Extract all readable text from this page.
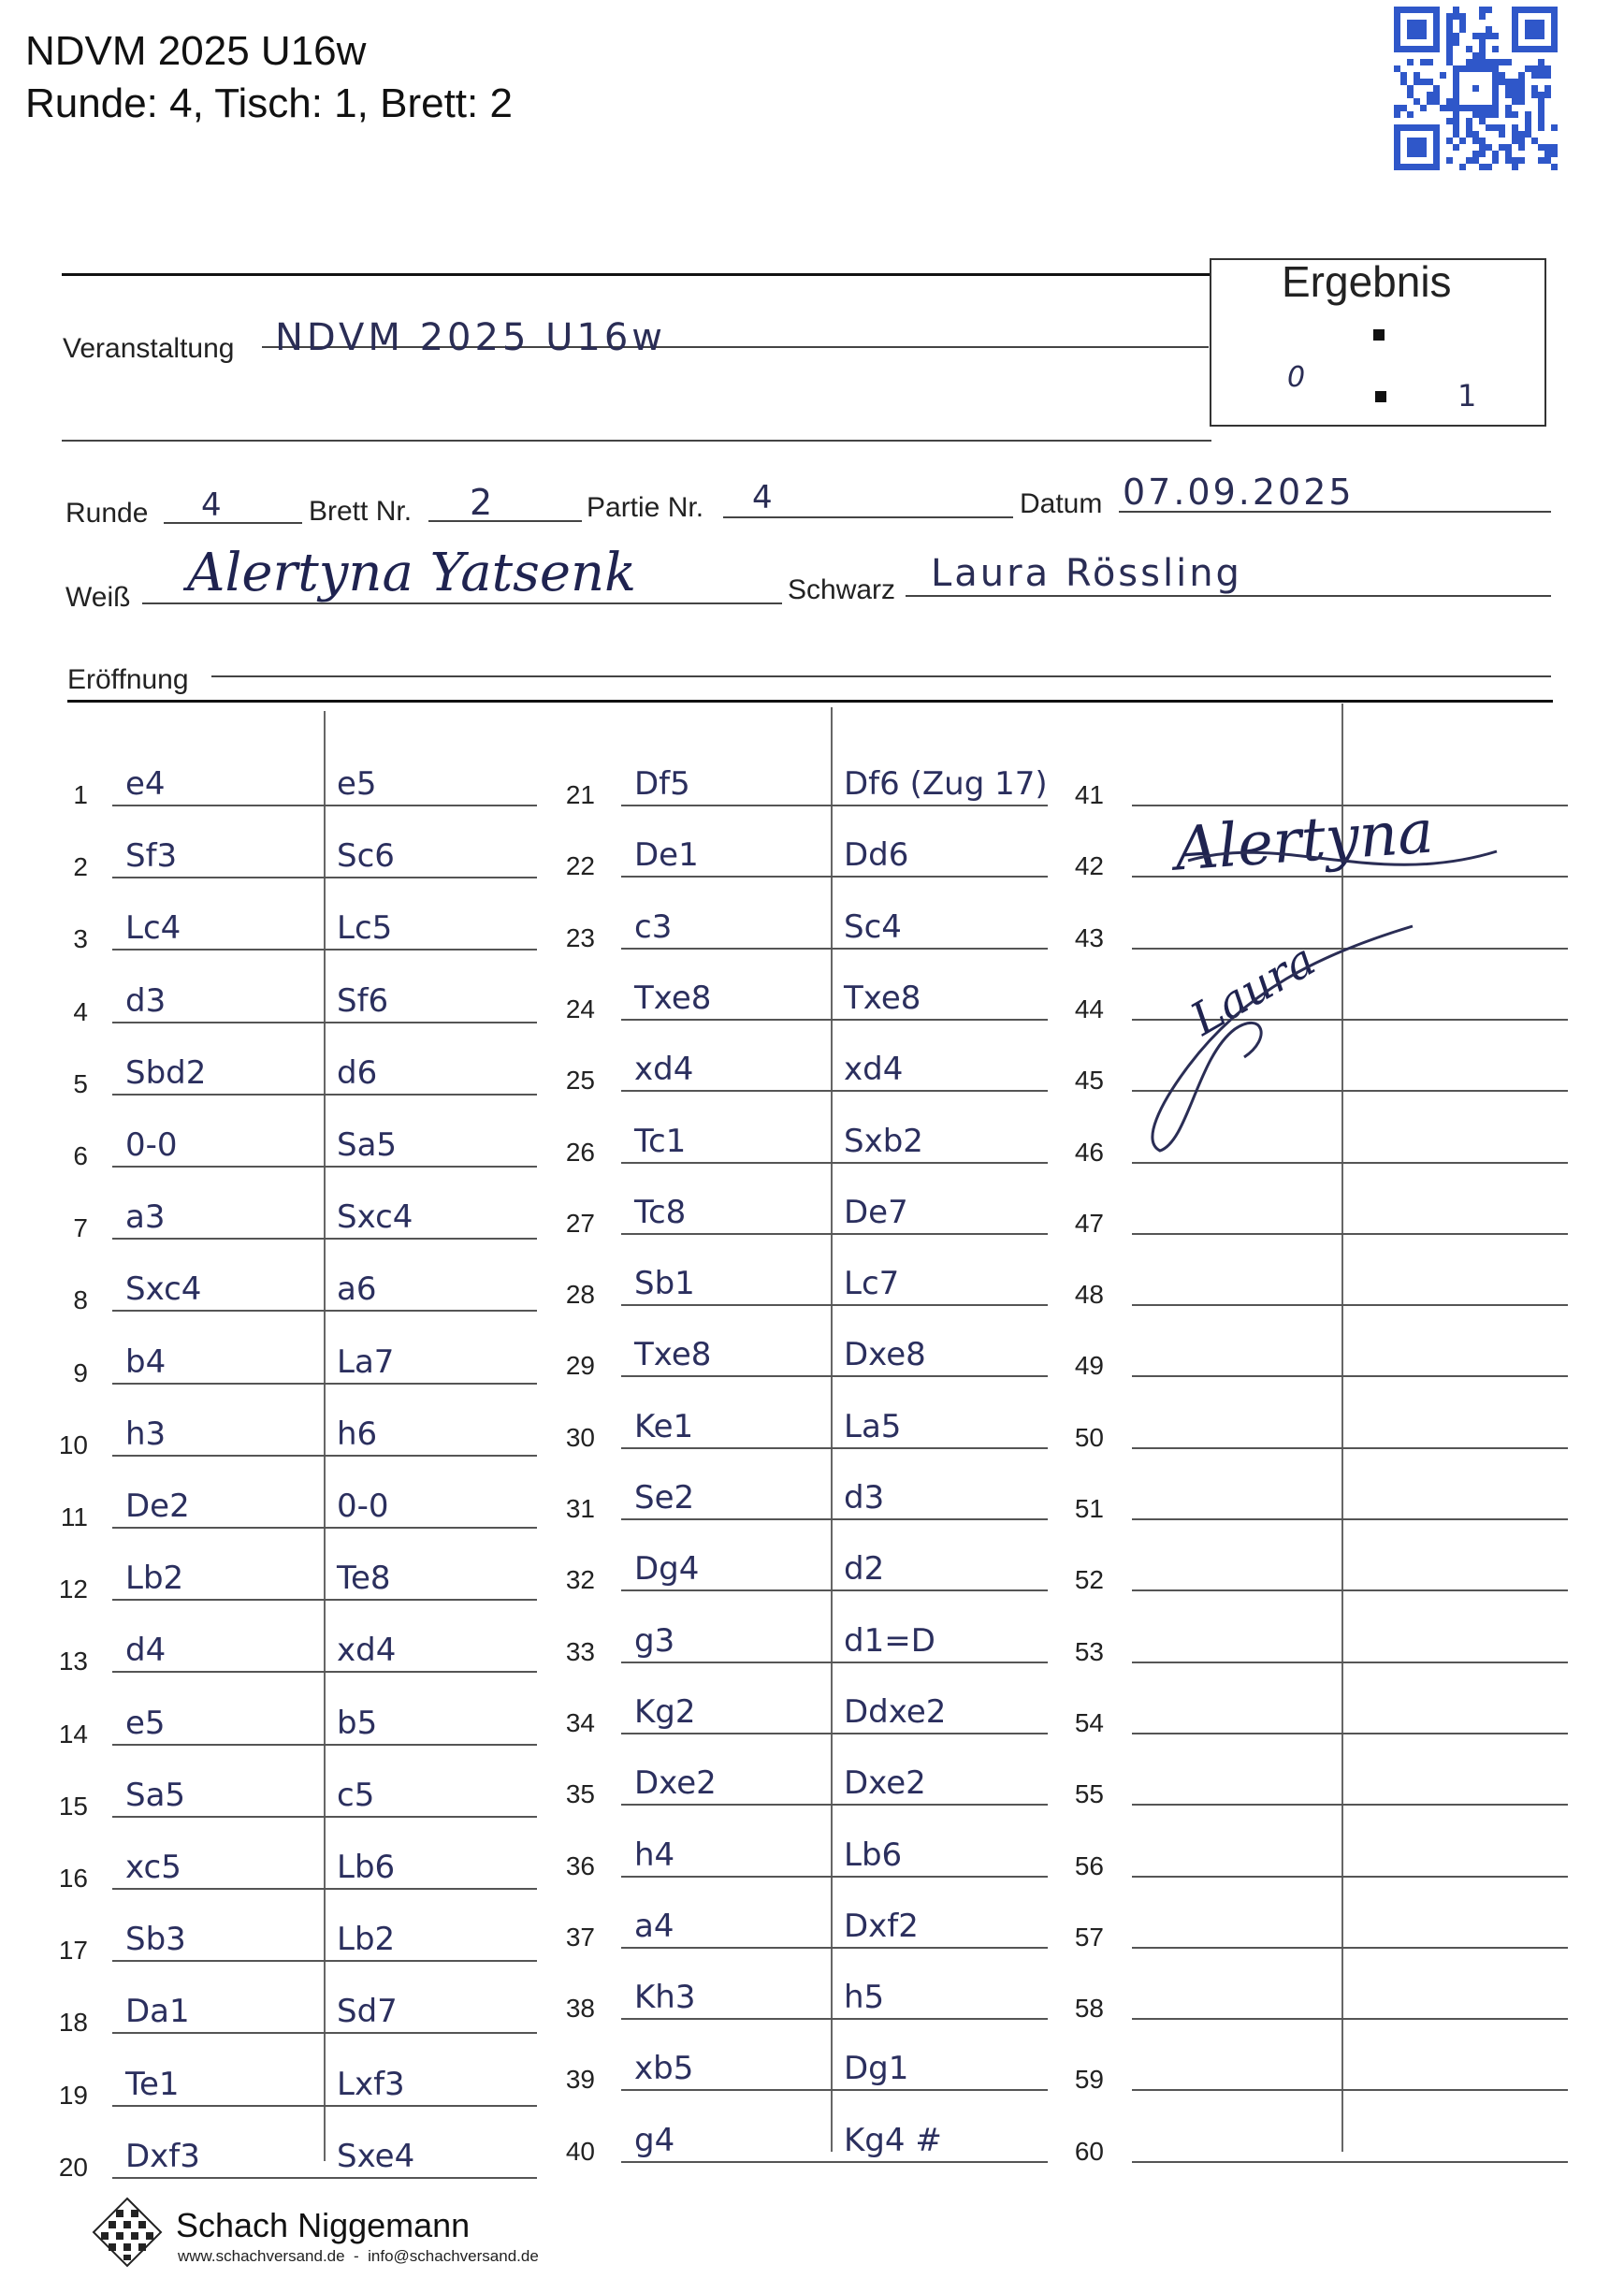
NDVM 2025 U16w
Runde: 4, Tisch: 1, Brett: 2
Ergebnis
0
1
Veranstaltung NDVM 2025 U16w
Runde 4	Brett Nr. 2	Partie Nr. 4	Datum 07.09.2025
Weiß Alertyna Yatsenk	Schwarz Laura Rössling
Eröffnung
1 e4	e5
2 Sf3	Sc6
3 Lc4	Lc5
4 d3	Sf6
5 Sbd2	d6
6 0-0	Sa5
7 a3	Sxc4
8 Sxc4	a6
9 b4	La7
10 h3	h6
11 De2	0-0
12 Lb2	Te8
13 d4	xd4
14 e5	b5
15 Sa5	c5
16 xc5	Lb6
17 Sb3	Lb2
18 Da1	Sd7
19 Te1	Lxf3
20 Dxf3	Sxe4
21 Df5	Df6 (Zug 17)
22 De1	Dd6
23 c3	Sc4
24 Txe8	Txe8
25 xd4	xd4
26 Tc1	Sxb2
27 Tc8	De7
28 Sb1	Lc7
29 Txe8	Dxe8
30 Ke1	La5
31 Se2	d3
32 Dg4	d2
33 g3	d1=D
34 Kg2	Ddxe2
35 Dxe2	Dxe2
36 h4	Lb6
37 a4	Dxf2
38 Kh3	h5
39 xb5	Dg1
40 g4	Kg4 #
41
42
43
44
45
46
47
48
49
50
51
52
53
54
55
56
57
58
59
60
Alertyna
Laura
Schach Niggemann
www.schachversand.de  -  info@schachversand.de
